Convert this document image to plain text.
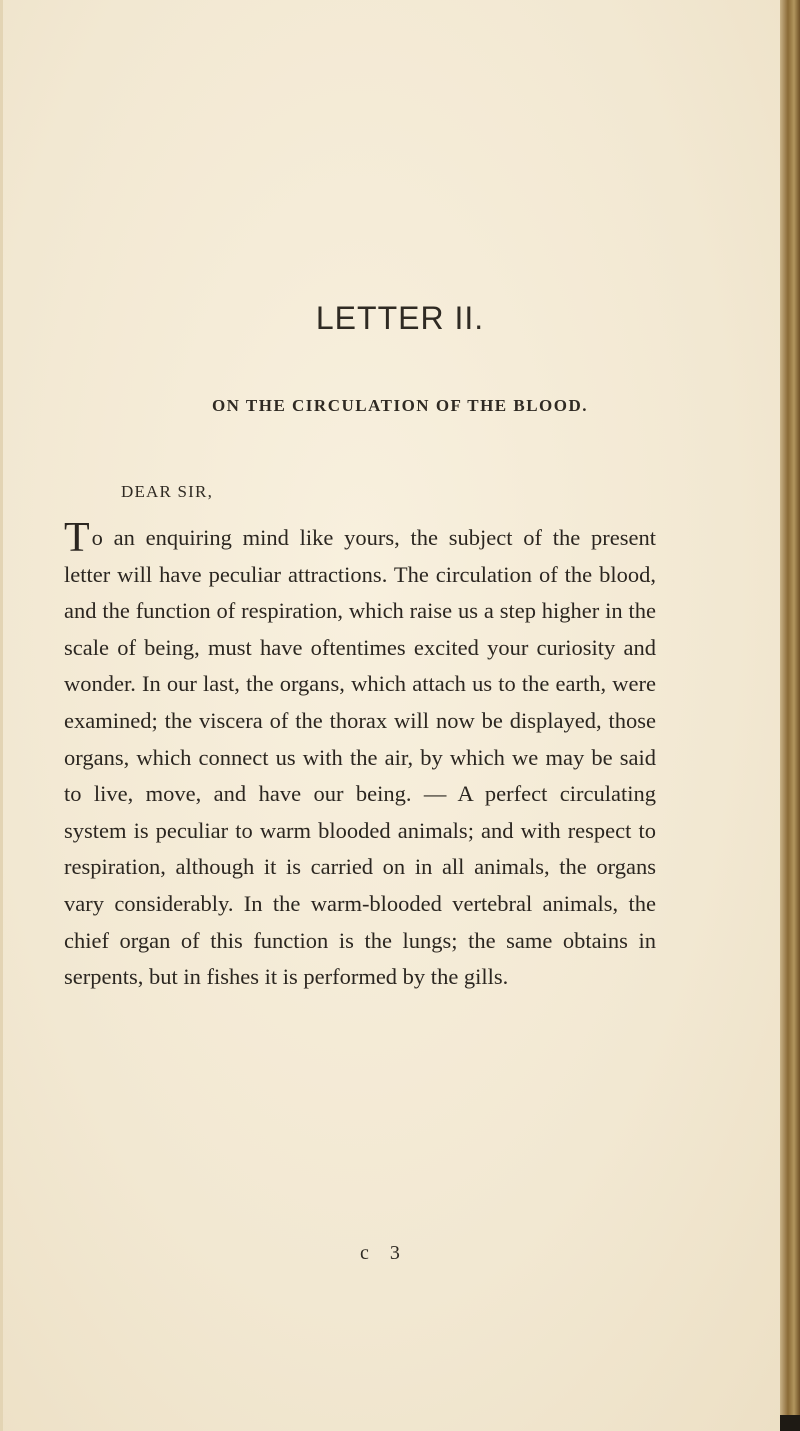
LETTER II.
ON THE CIRCULATION OF THE BLOOD.

DEAR SIR,

To an enquiring mind like yours, the subject of the present letter will have peculiar attractions. The circulation of the blood, and the function of respiration, which raise us a step higher in the scale of being, must have oftentimes excited your curiosity and wonder. In our last, the organs, which attach us to the earth, were examined; the viscera of the thorax will now be displayed, those organs, which connect us with the air, by which we may be said to live, move, and have our being. — A perfect circulating system is peculiar to warm blooded animals; and with respect to respiration, although it is carried on in all animals, the organs vary considerably. In the warm-blooded vertebral animals, the chief organ of this function is the lungs; the same obtains in serpents, but in fishes it is performed by the gills.

c 3
